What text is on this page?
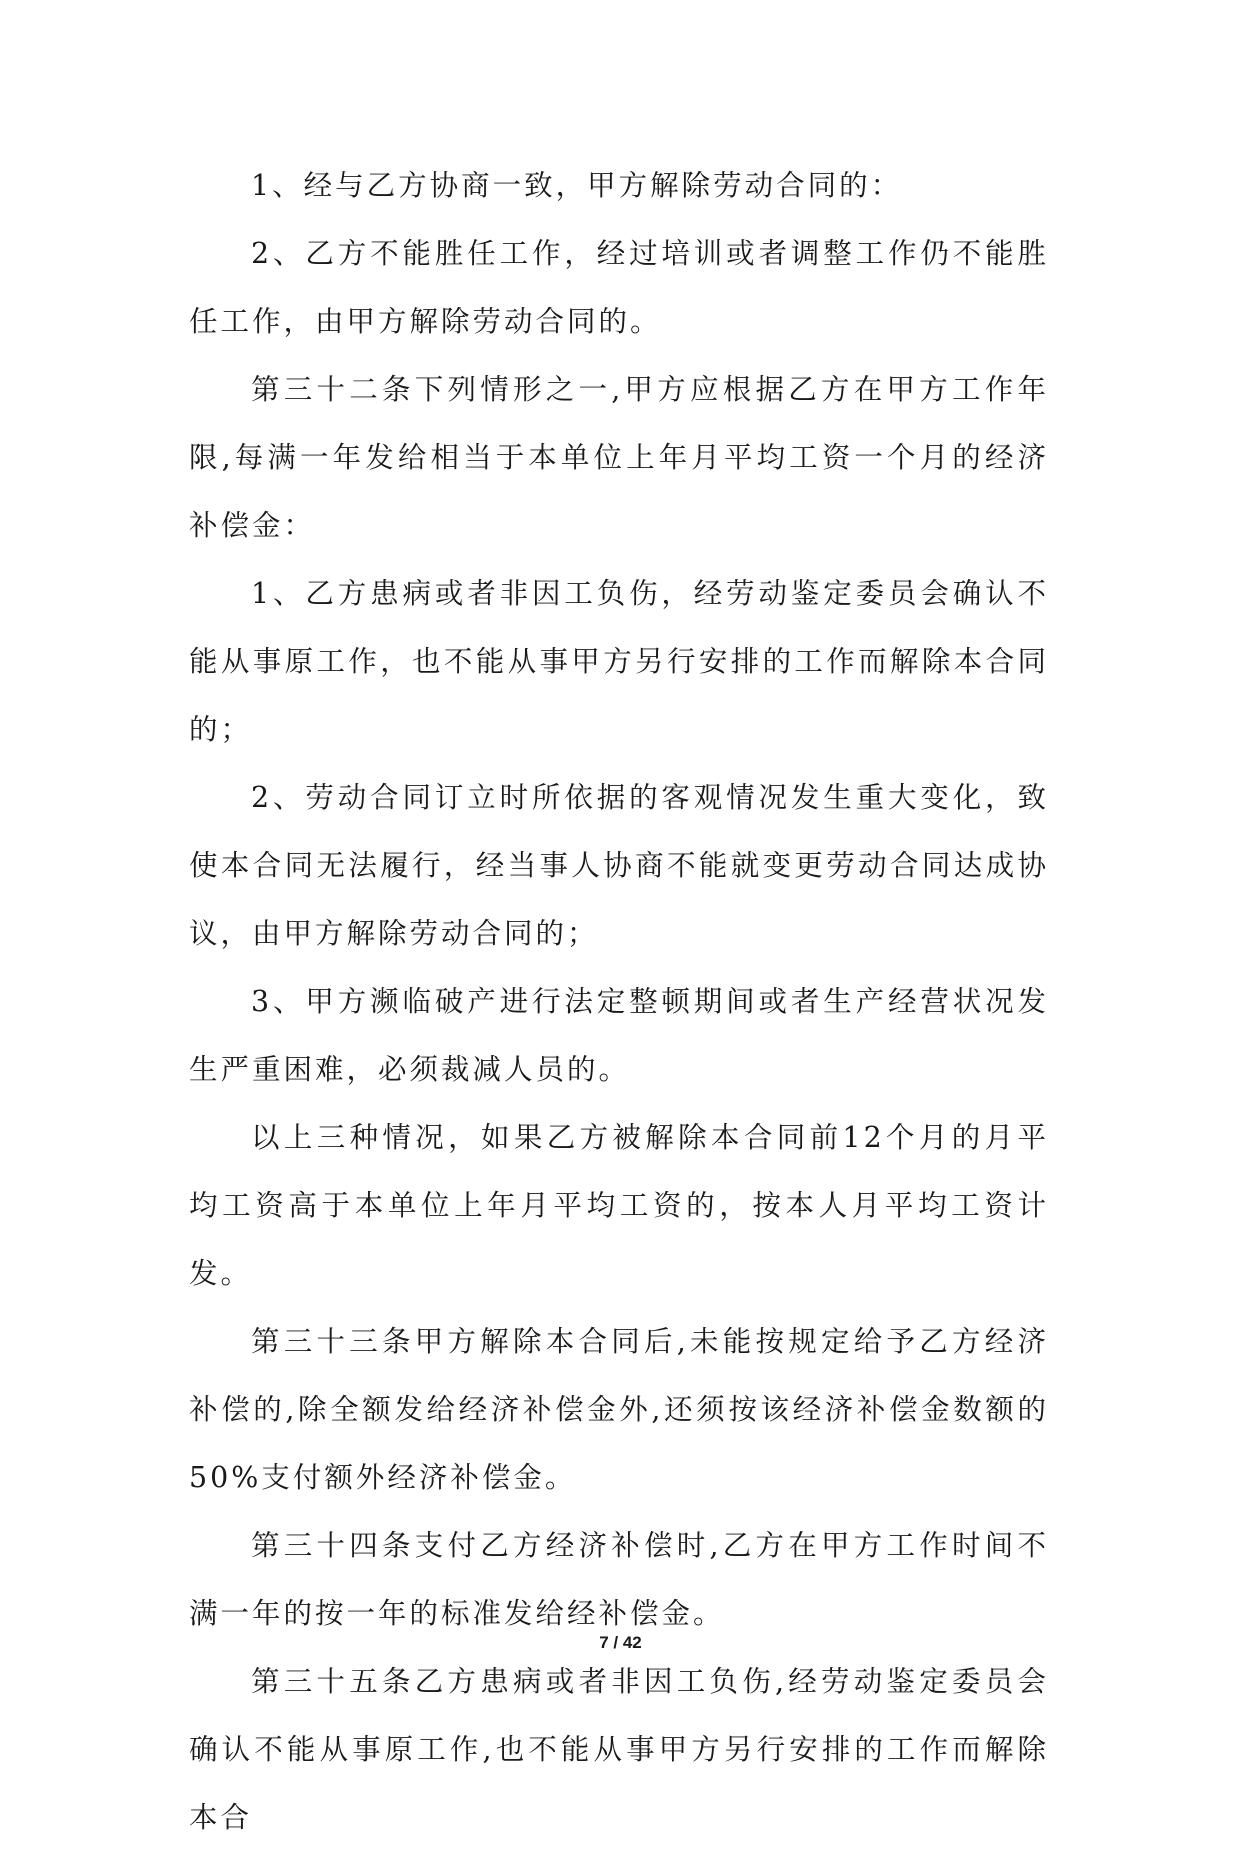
1、经与乙方协商一致，甲方解除劳动合同的：

2、乙方不能胜任工作，经过培训或者调整工作仍不能胜任工作，由甲方解除劳动合同的。

第三十二条下列情形之一,甲方应根据乙方在甲方工作年限,每满一年发给相当于本单位上年月平均工资一个月的经济补偿金：

1、乙方患病或者非因工负伤，经劳动鉴定委员会确认不能从事原工作，也不能从事甲方另行安排的工作而解除本合同的；

2、劳动合同订立时所依据的客观情况发生重大变化，致使本合同无法履行，经当事人协商不能就变更劳动合同达成协议，由甲方解除劳动合同的；

3、甲方濒临破产进行法定整顿期间或者生产经营状况发生严重困难，必须裁减人员的。

以上三种情况，如果乙方被解除本合同前12个月的月平均工资高于本单位上年月平均工资的，按本人月平均工资计发。

第三十三条甲方解除本合同后,未能按规定给予乙方经济补偿的,除全额发给经济补偿金外,还须按该经济补偿金数额的50%支付额外经济补偿金。

第三十四条支付乙方经济补偿时,乙方在甲方工作时间不满一年的按一年的标准发给经补偿金。

第三十五条乙方患病或者非因工负伤,经劳动鉴定委员会确认不能从事原工作,也不能从事甲方另行安排的工作而解除本合

7 / 42
